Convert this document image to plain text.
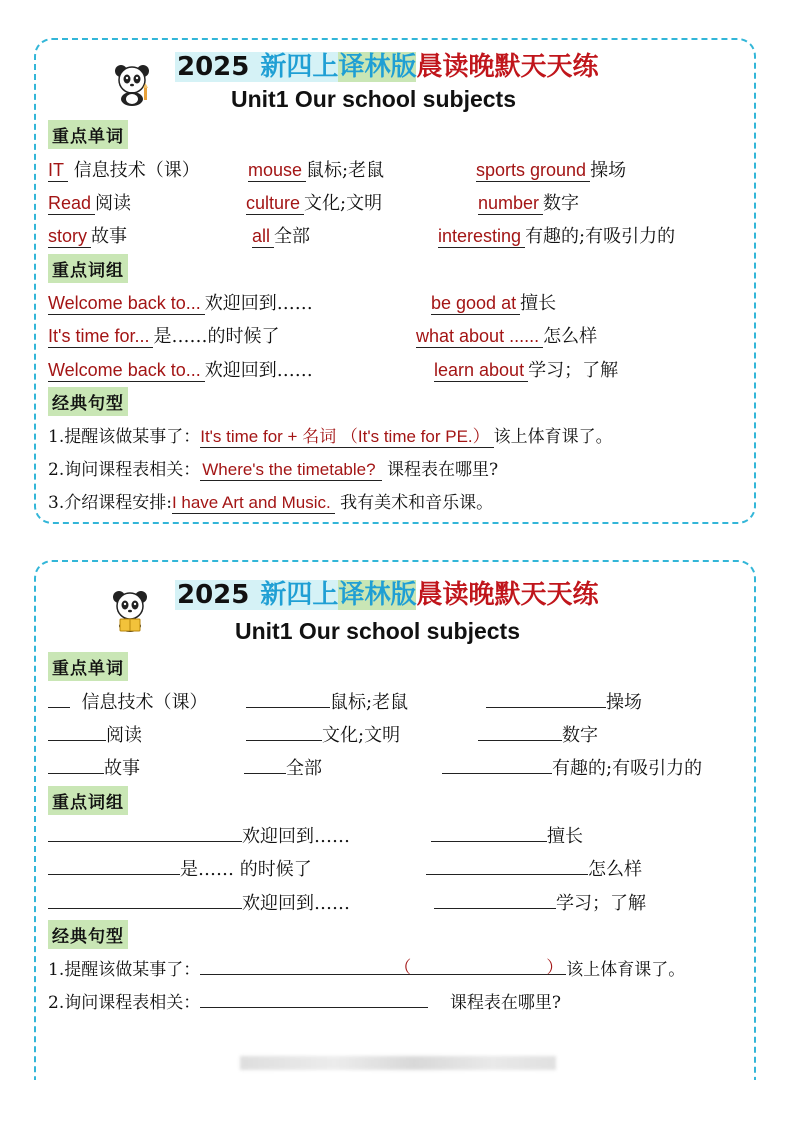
2025 新四上译林版晨读晚默天天练
Unit1 Our school subjects
重点单词
IT 信息技术（课）	mouse 鼠标;老鼠	sports ground 操场
Read 阅读	culture 文化;文明	number 数字
story 故事	all 全部	interesting 有趣的;有吸引力的
重点词组
Welcome back to... 欢迎回到……	be good at 擅长
It's time for... 是……的时候了	what about ...... 怎么样
Welcome back to... 欢迎回到……	learn about 学习；了解
经典句型
1.提醒该做某事了：It's time for + 名词 （It's time for PE.） 该上体育课了。
2.询问课程表相关： Where's the timetable? 课程表在哪里?
3.介绍课程安排:I have Art and Music. 我有美术和音乐课。
2025 新四上译林版晨读晚默天天练
Unit1 Our school subjects
重点单词
信息技术（课）	鼠标;老鼠	操场
阅读	文化;文明	数字
故事	全部	有趣的;有吸引力的
重点词组
欢迎回到……	擅长
是…… 的时候了	怎么样
欢迎回到……	学习；了解
经典句型
1.提醒该做某事了：	（	） 该上体育课了。
2.询问课程表相关：	课程表在哪里?
